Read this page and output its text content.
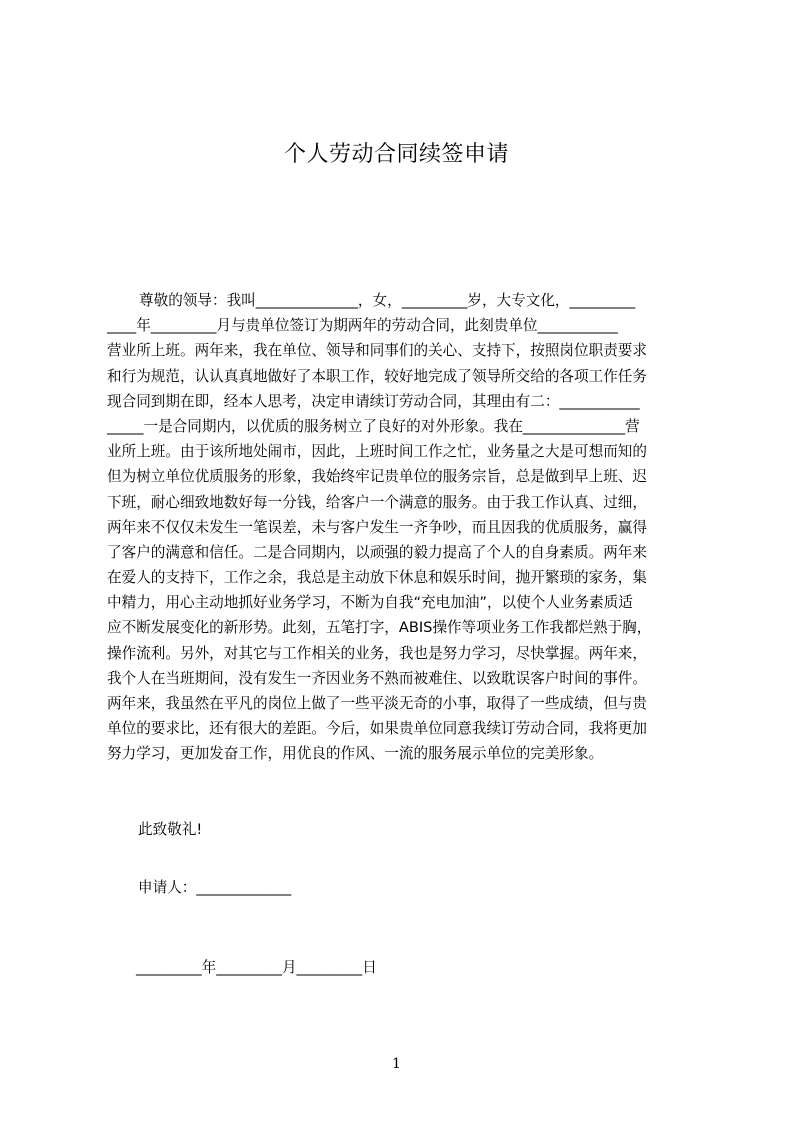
个人劳动合同续签申请
尊敬的领导：我叫______________，女，_________岁，大专文化，_________
____年_________月与贵单位签订为期两年的劳动合同，此刻贵单位___________
营业所上班。两年来，我在单位、领导和同事们的关心、支持下，按照岗位职责要求
和行为规范，认认真真地做好了本职工作，较好地完成了领导所交给的各项工作任务
现合同到期在即，经本人思考，决定申请续订劳动合同，其理由有二：___________
_____一是合同期内，以优质的服务树立了良好的对外形象。我在______________营
业所上班。由于该所地处闹市，因此，上班时间工作之忙，业务量之大是可想而知的
但为树立单位优质服务的形象，我始终牢记贵单位的服务宗旨，总是做到早上班、迟
下班，耐心细致地数好每一分钱，给客户一个满意的服务。由于我工作认真、过细，
两年来不仅仅未发生一笔误差，未与客户发生一齐争吵，而且因我的优质服务，赢得
了客户的满意和信任。二是合同期内，以顽强的毅力提高了个人的自身素质。两年来
在爱人的支持下，工作之余，我总是主动放下休息和娱乐时间，抛开繁琐的家务，集
中精力，用心主动地抓好业务学习，不断为自我“充电加油”，以使个人业务素质适
应不断发展变化的新形势。此刻，五笔打字，ABIS操作等项业务工作我都烂熟于胸，
操作流利。另外，对其它与工作相关的业务，我也是努力学习，尽快掌握。两年来，
我个人在当班期间，没有发生一齐因业务不熟而被难住、以致耽误客户时间的事件。
两年来，我虽然在平凡的岗位上做了一些平淡无奇的小事，取得了一些成绩，但与贵
单位的要求比，还有很大的差距。今后，如果贵单位同意我续订劳动合同，我将更加
努力学习，更加发奋工作，用优良的作风、一流的服务展示单位的完美形象。
此致敬礼!
申请人：_____________
_________年_________月_________日
1
